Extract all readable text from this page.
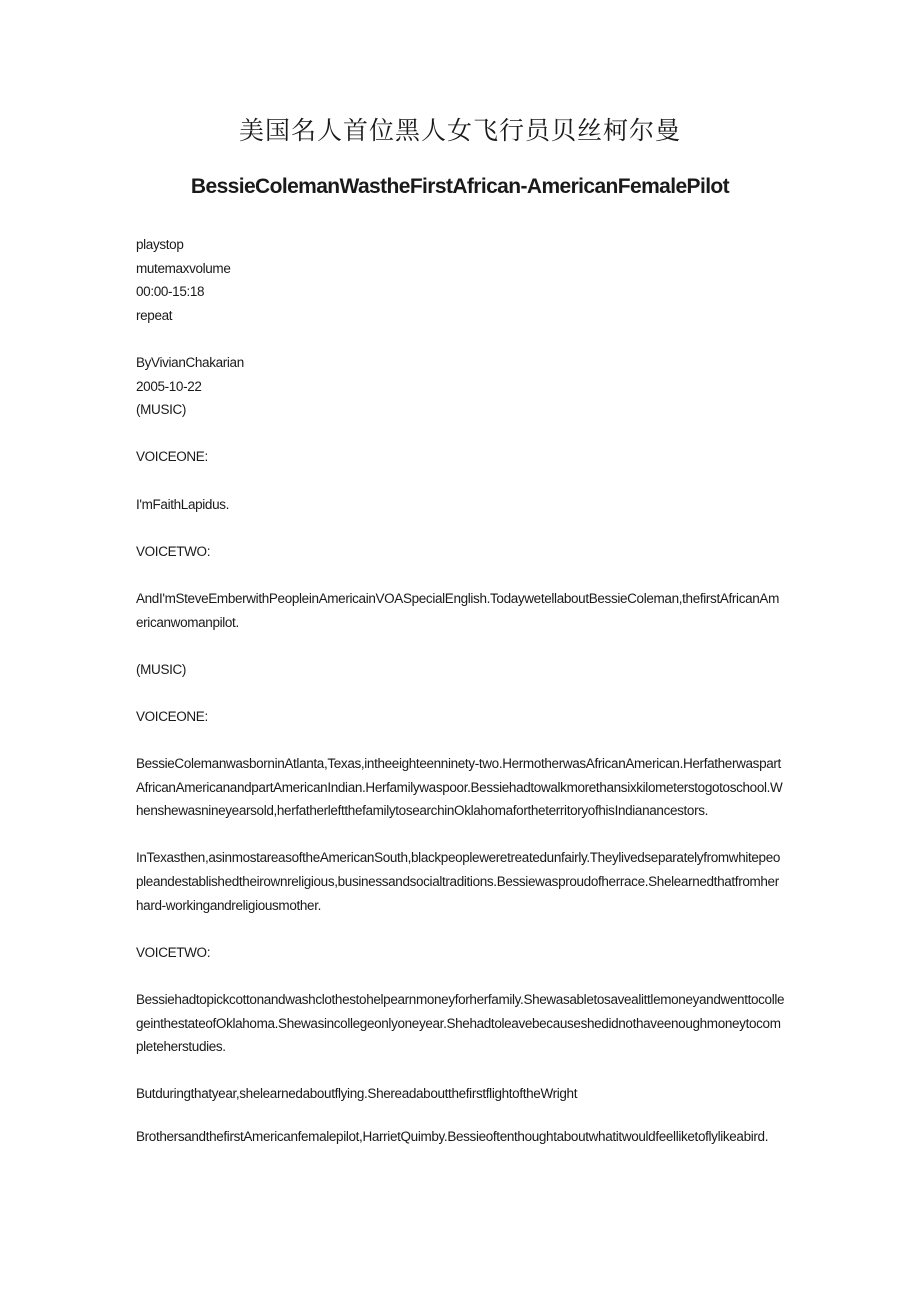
美国名人首位黑人女飞行员贝丝柯尔曼
BessieColemanWastheFirstAfrican-AmericanFemalePilot

playstop

mutemaxvolume

00:00-15:18

repeat

ByVivianChakarian

2005-10-22

(MUSIC)

VOICEONE:

I'mFaithLapidus.

VOICETWO:

AndI'mSteveEmberwithPeopleinAmericainVOASpecialEnglish.TodaywetellaboutBessieColeman,thefirstAfricanAmericanwomanpilot.

(MUSIC)

VOICEONE:

BessieColemanwasborninAtlanta,Texas,intheeighteenninety-two.HermotherwasAfricanAmerican.HerfatherwaspartAfricanAmericanandpartAmericanIndian.Herfamilywaspoor.Bessiehadtowalkmorethansixkilometerstogotoschool.Whenshewasnineyearsold,herfatherleftthefamilytosearchinOklahomafortheterritoryofhisIndianancestors.

InTexasthen,asinmostareasoftheAmericanSouth,blackpeopleweretreatedunfairly.Theylivedseparatelyfromwhitepeopleandestablishedtheirownreligious,businessandsocialtraditions.Bessiewasproudofherrace.Shelearnedthatfromherhard-workingandreligiousmother.

VOICETWO:

Bessiehadtopickcottonandwashclothestohelpearnmoneyforherfamily.ShewasabletosavealittlemoneyandwenttocollegeinthestateofOklahoma.Shewasincollegeonlyoneyear.Shehadtoleavebecauseshedidnothaveenoughmoneytocompleteherstudies.

Butduringthatyear,shelearnedaboutflying.ShereadaboutthefirstflightoftheWright

BrothersandthefirstAmericanfemalepilot,HarrietQuimby.Bessieoftenthoughtaboutwhatitwouldfeelliketoflylikeabird.
